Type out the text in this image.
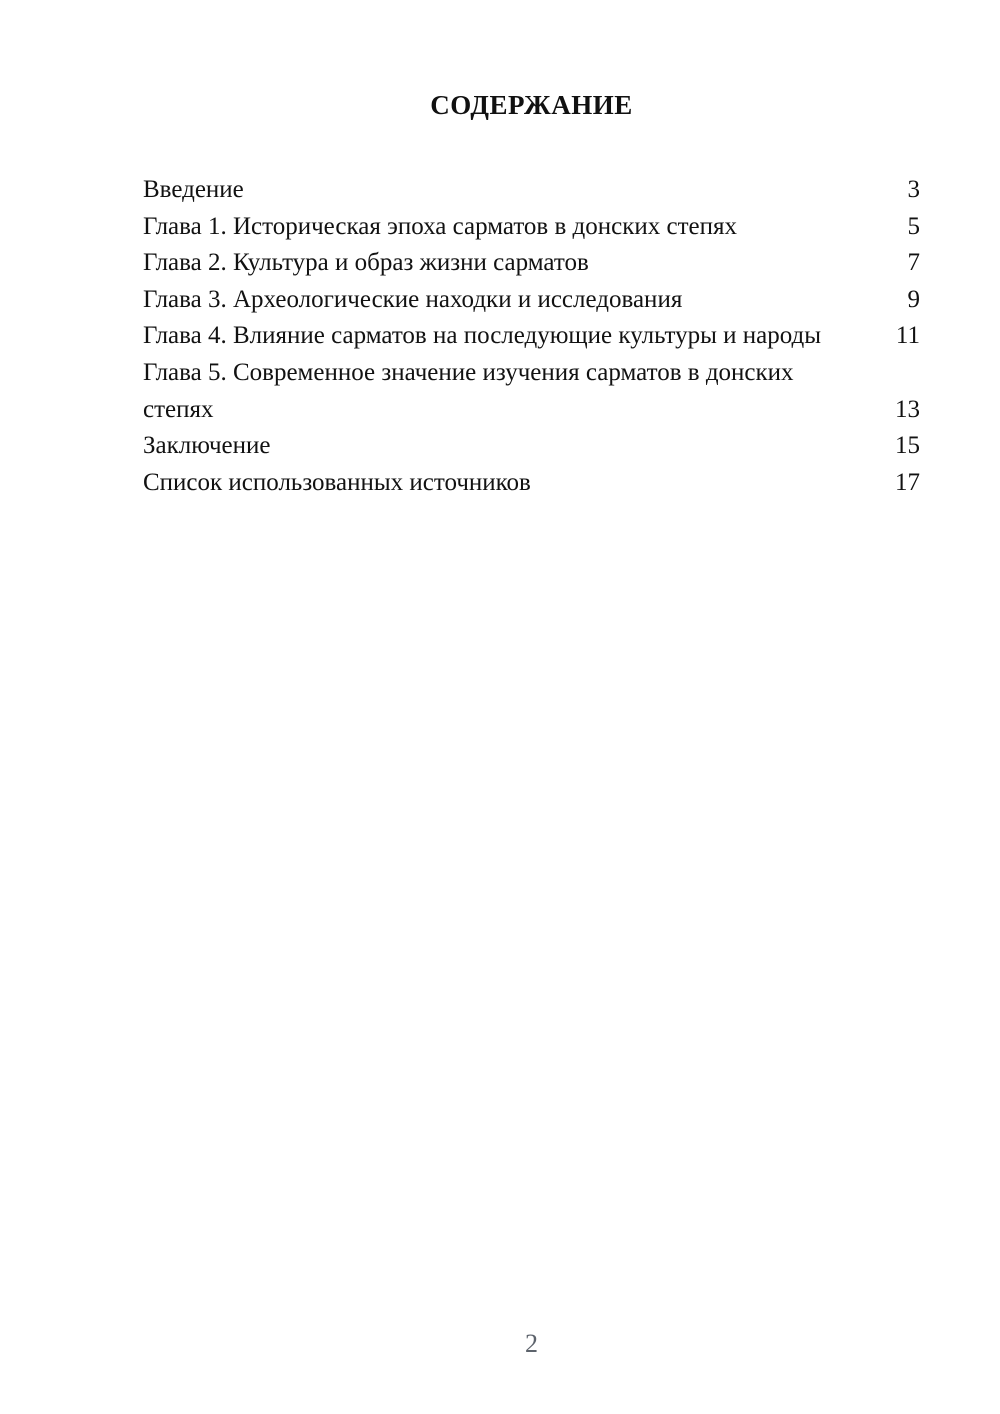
СОДЕРЖАНИЕ
Введение	3
Глава 1. Историческая эпоха сарматов в донских степях	5
Глава 2. Культура и образ жизни сарматов	7
Глава 3. Археологические находки и исследования	9
Глава 4. Влияние сарматов на последующие культуры и народы	11
Глава 5. Современное значение изучения сарматов в донских степях	13
Заключение	15
Список использованных источников	17
2
